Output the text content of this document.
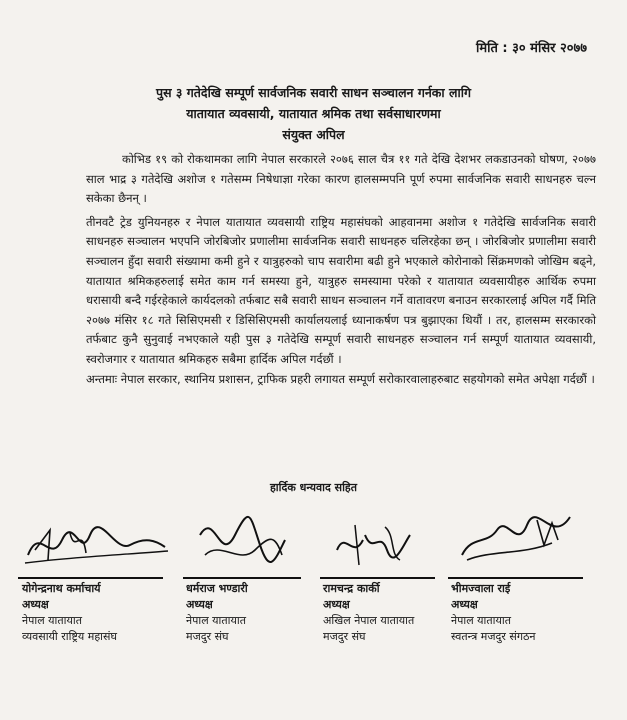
मिति : ३० मंसिर २०७७
पुस ३ गतेदेखि सम्पूर्ण सार्वजनिक सवारी साधन सञ्चालन गर्नका लागि
यातायात व्यवसायी, यातायात श्रमिक तथा सर्वसाधारणमा
संयुक्त अपिल

कोभिड १९ को रोकथामका लागि नेपाल सरकारले २०७६ साल चैत्र ११ गते देखि देशभर लकडाउनको घोषण, २०७७ साल भाद्र ३ गतेदेखि अशोज १ गतेसम्म निषेधाज्ञा गरेका कारण हालसम्मपनि पूर्ण रुपमा सार्वजनिक सवारी साधनहरु चल्न सकेका छैनन् ।

तीनवटै ट्रेड युनियनहरु र नेपाल यातायात व्यवसायी राष्ट्रिय महासंघको आहवानमा अशोज १ गतेदेखि सार्वजनिक सवारी साधनहरु सञ्चालन भएपनि जोरबिजोर प्रणालीमा सार्वजनिक सवारी साधनहरु चलिरहेका छन् । जोरबिजोर प्रणालीमा सवारी सञ्चालन हुँदा सवारी संख्यामा कमी हुने र यात्रुहरुको चाप सवारीमा बढी हुने भएकाले कोरोनाको सिंक्रमणको जोखिम बढ्ने, यातायात श्रमिकहरुलाई समेत काम गर्न समस्या हुने, यात्रुहरु समस्यामा परेको र यातायात व्यवसायीहरु आर्थिक रुपमा धरासायी बन्दै गईरहेकाले कार्यदलको तर्फबाट सबै सवारी साधन सञ्चालन गर्ने वातावरण बनाउन सरकारलाई अपिल गर्दै मिति २०७७ मंसिर १८ गते सिसिएमसी र डिसिसिएमसी कार्यालयलाई ध्यानाकर्षण पत्र बुझाएका थियौं । तर, हालसम्म सरकारको तर्फबाट कुनै सुनुवाई नभएकाले यही पुस ३ गतेदेखि सम्पूर्ण सवारी साधनहरु सञ्चालन गर्न सम्पूर्ण यातायात व्यवसायी, स्वरोजगार र यातायात श्रमिकहरु सबैमा हार्दिक अपिल गर्दछौं ।

अन्तमाः नेपाल सरकार, स्थानिय प्रशासन, ट्राफिक प्रहरी लगायत सम्पूर्ण सरोकारवालाहरुबाट सहयोगको समेत अपेक्षा गर्दछौं ।

हार्दिक धन्यवाद सहित
योगेन्द्रनाथ कर्माचार्य
अध्यक्ष
नेपाल यातायात
व्यवसायी राष्ट्रिय महासंघ
धर्मराज भण्डारी
अध्यक्ष
नेपाल यातायात
मजदुर संघ
रामचन्द्र कार्की
अध्यक्ष
अखिल नेपाल यातायात
मजदुर संघ
भीमज्वाला राई
अध्यक्ष
नेपाल यातायात
स्वतन्त्र मजदुर संगठन
